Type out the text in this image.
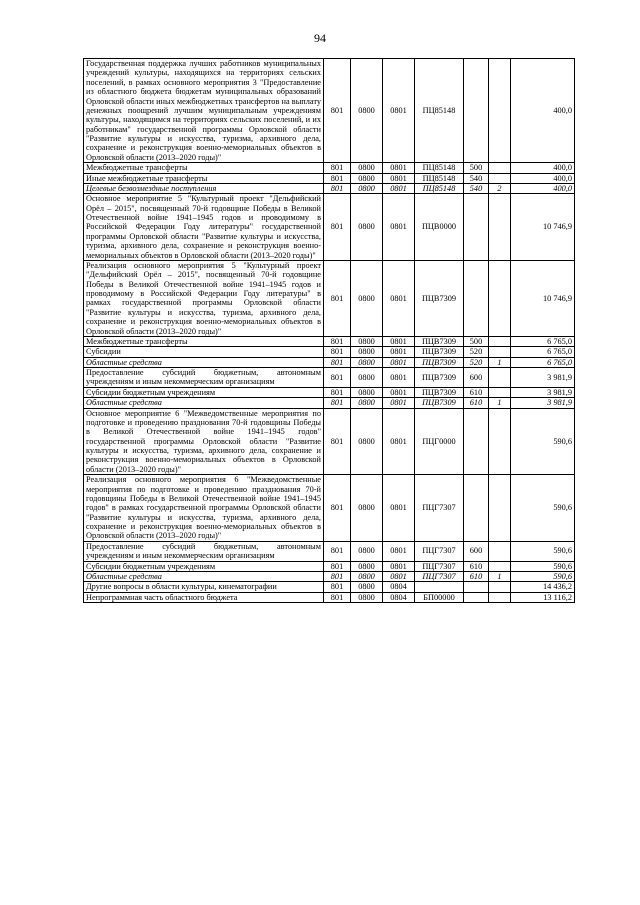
94
Государственная поддержка лучших работников муниципальных учреждений культуры, находящихся на территориях сельских поселений, в рамках основного мероприятия 3 "Предоставление из областного бюджета бюджетам муниципальных образований Орловской области иных межбюджетных трансфертов на выплату денежных поощрений лучшим муниципальным учреждениям культуры, находящимся на территориях сельских поселений, и их работникам" государственной программы Орловской области "Развитие культуры и искусства, туризма, архивного дела, сохранение и реконструкция военно-мемориальных объектов в Орловской области (2013–2020 годы)"	801	0800	0801	ПЦ85148			400,0
Межбюджетные трансферты	801	0800	0801	ПЦ85148	500		400,0
Иные межбюджетные трансферты	801	0800	0801	ПЦ85148	540		400,0
Целевые безвозмездные поступления	801	0800	0801	ПЦ85148	540	2	400,0
Основное мероприятие 5 "Культурный проект "Дельфийский Орёл – 2015", посвященный 70-й годовщине Победы в Великой Отечественной войне 1941–1945 годов и проводимому в Российской Федерации Году литературы" государственной программы Орловской области "Развитие культуры и искусства, туризма, архивного дела, сохранение и реконструкция военно-мемориальных объектов в Орловской области (2013–2020 годы)"	801	0800	0801	ПЦВ0000			10 746,9
Реализация основного мероприятия 5 "Культурный проект "Дельфийский Орёл – 2015", посвященный 70-й годовщине Победы в Великой Отечественной войне 1941–1945 годов и проводимому в Российской Федерации Году литературы" в рамках государственной программы Орловской области "Развитие культуры и искусства, туризма, архивного дела, сохранение и реконструкция военно-мемориальных объектов в Орловской области (2013–2020 годы)"	801	0800	0801	ПЦВ7309			10 746,9
Межбюджетные трансферты	801	0800	0801	ПЦВ7309	500		6 765,0
Субсидии	801	0800	0801	ПЦВ7309	520		6 765,0
Областные средства	801	0800	0801	ПЦВ7309	520	1	6 765,0
Предоставление субсидий бюджетным, автономным учреждениям и иным некоммерческим организациям	801	0800	0801	ПЦВ7309	600		3 981,9
Субсидии бюджетным учреждениям	801	0800	0801	ПЦВ7309	610		3 981,9
Областные средства	801	0800	0801	ПЦВ7309	610	1	3 981,9
Основное мероприятие 6 "Межведомственные мероприятия по подготовке и проведению празднования 70-й годовщины Победы в Великой Отечественной войне 1941–1945 годов" государственной программы Орловской области "Развитие культуры и искусства, туризма, архивного дела, сохранение и реконструкция военно-мемориальных объектов в Орловской области (2013–2020 годы)"	801	0800	0801	ПЦГ0000			590,6
Реализация основного мероприятия 6 "Межведомственные мероприятия по подготовке и проведению празднования 70-й годовщины Победы в Великой Отечественной войне 1941–1945 годов" в рамках государственной программы Орловской области "Развитие культуры и искусства, туризма, архивного дела, сохранение и реконструкция военно-мемориальных объектов в Орловской области (2013–2020 годы)"	801	0800	0801	ПЦГ7307			590,6
Предоставление субсидий бюджетным, автономным учреждениям и иным некоммерческим организациям	801	0800	0801	ПЦГ7307	600		590,6
Субсидии бюджетным учреждениям	801	0800	0801	ПЦГ7307	610		590,6
Областные средства	801	0800	0801	ПЦГ7307	610	1	590,6
Другие вопросы в области культуры, кинематографии	801	0800	0804				14 436,2
Непрограммная часть областного бюджета	801	0800	0804	БП00000			13 116,2
